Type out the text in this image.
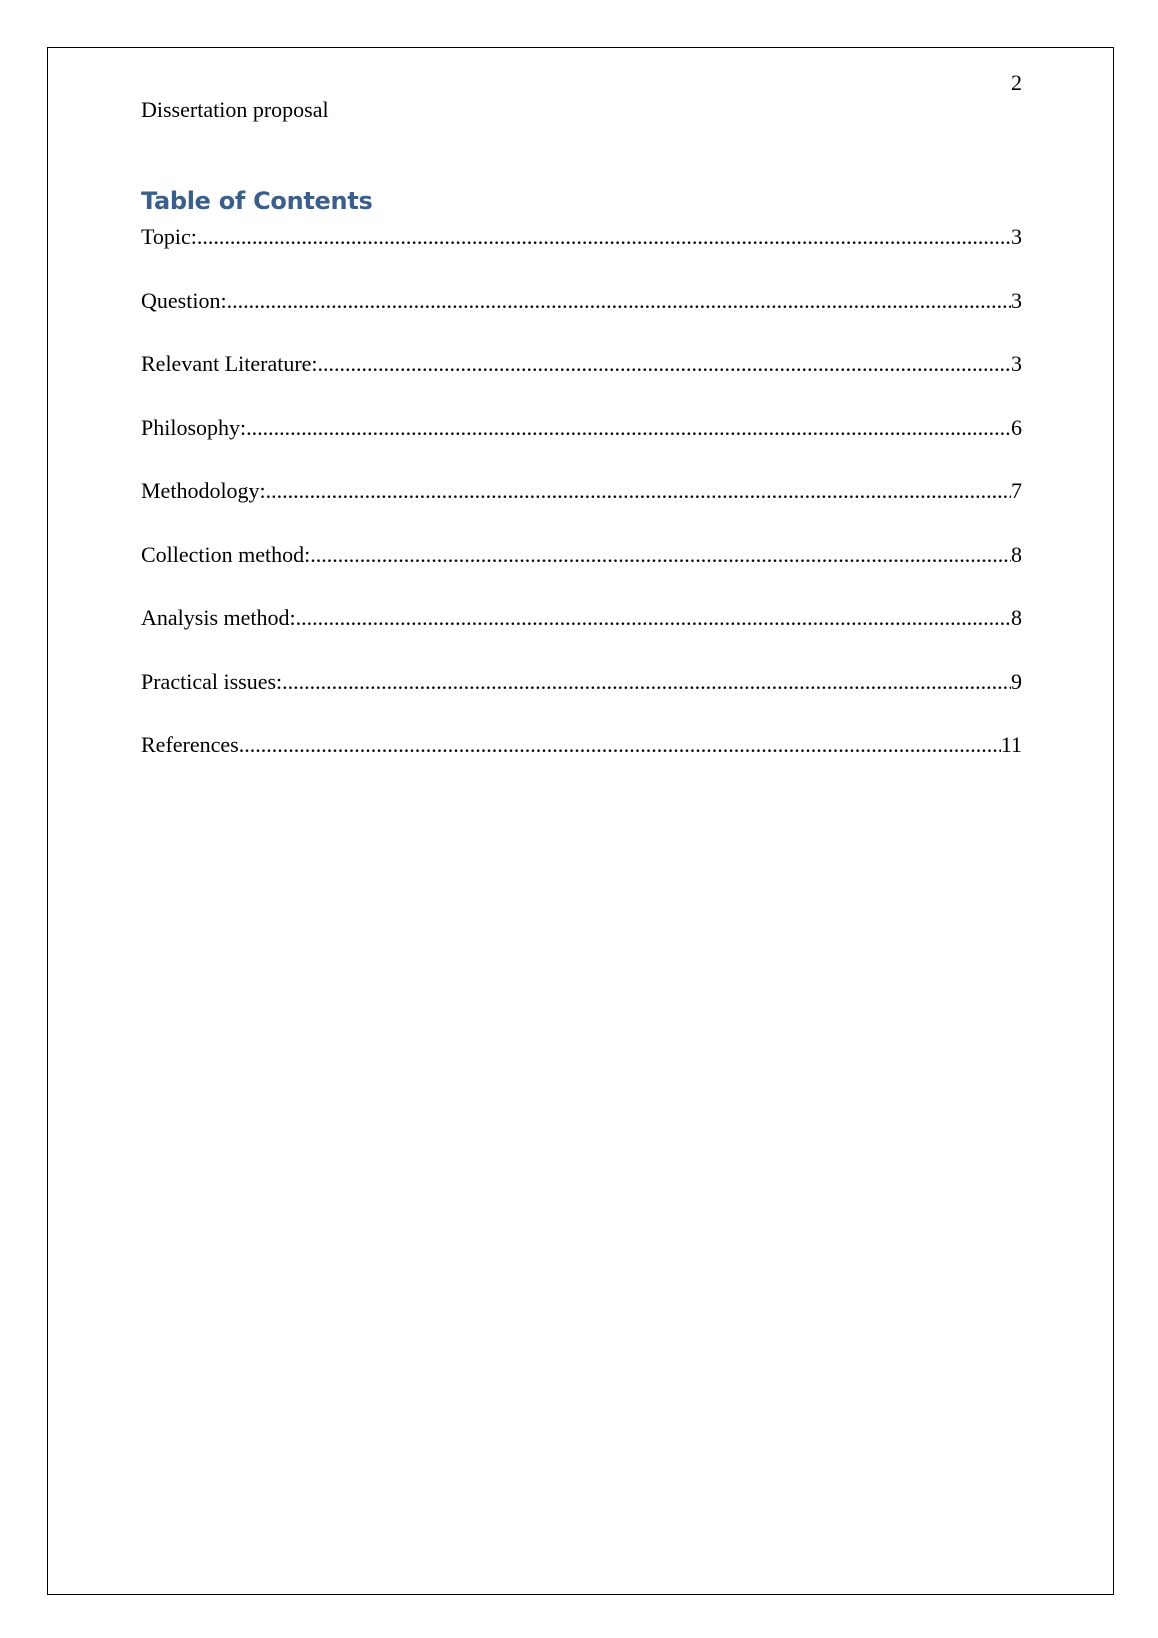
2
Dissertation proposal
Table of Contents
Topic: .....	3
Question: .....	3
Relevant Literature: .....	3
Philosophy: .....	6
Methodology: .....	7
Collection method: .....	8
Analysis method: .....	8
Practical issues: .....	9
References .....	11
